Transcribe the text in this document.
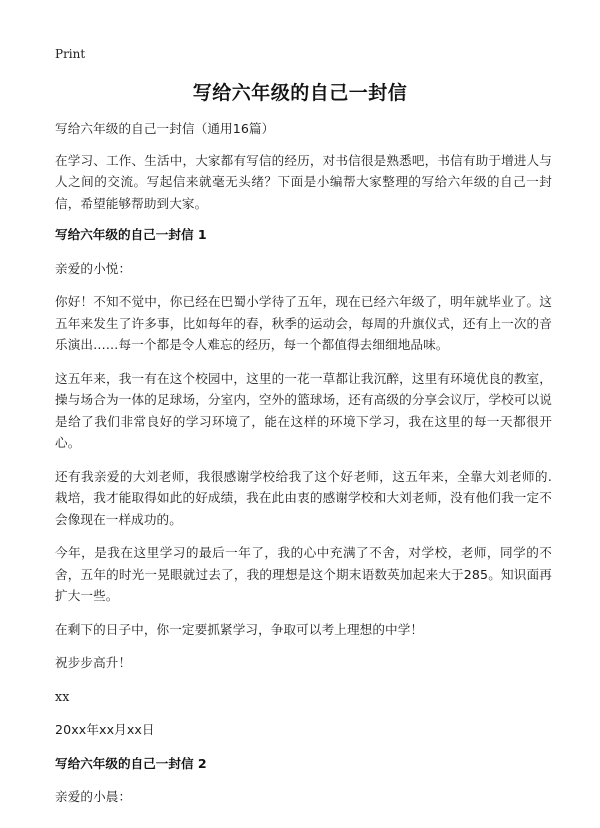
Print
写给六年级的自己一封信

写给六年级的自己一封信（通用16篇）

在学习、工作、生活中，大家都有写信的经历，对书信很是熟悉吧，书信有助于增进人与人之间的交流。写起信来就毫无头绪？下面是小编帮大家整理的写给六年级的自己一封信，希望能够帮助到大家。

写给六年级的自己一封信 1

亲爱的小悦：

你好！不知不觉中，你已经在巴蜀小学待了五年，现在已经六年级了，明年就毕业了。这五年来发生了许多事，比如每年的春，秋季的运动会，每周的升旗仪式，还有上一次的音乐演出……每一个都是令人难忘的经历，每一个都值得去细细地品味。

这五年来，我一有在这个校园中，这里的一花一草都让我沉醉，这里有环境优良的教室，操与场合为一体的足球场，分室内，空外的篮球场，还有高级的分享会议厅，学校可以说是给了我们非常良好的学习环境了，能在这样的环境下学习，我在这里的每一天都很开心。

还有我亲爱的大刘老师，我很感谢学校给我了这个好老师，这五年来，全靠大刘老师的.栽培，我才能取得如此的好成绩，我在此由衷的感谢学校和大刘老师，没有他们我一定不会像现在一样成功的。

今年，是我在这里学习的最后一年了，我的心中充满了不舍，对学校，老师，同学的不舍，五年的时光一晃眼就过去了，我的理想是这个期末语数英加起来大于285。知识面再扩大一些。

在剩下的日子中，你一定要抓紧学习，争取可以考上理想的中学！

祝步步高升！

xx

20xx年xx月xx日

写给六年级的自己一封信 2

亲爱的小晨：
